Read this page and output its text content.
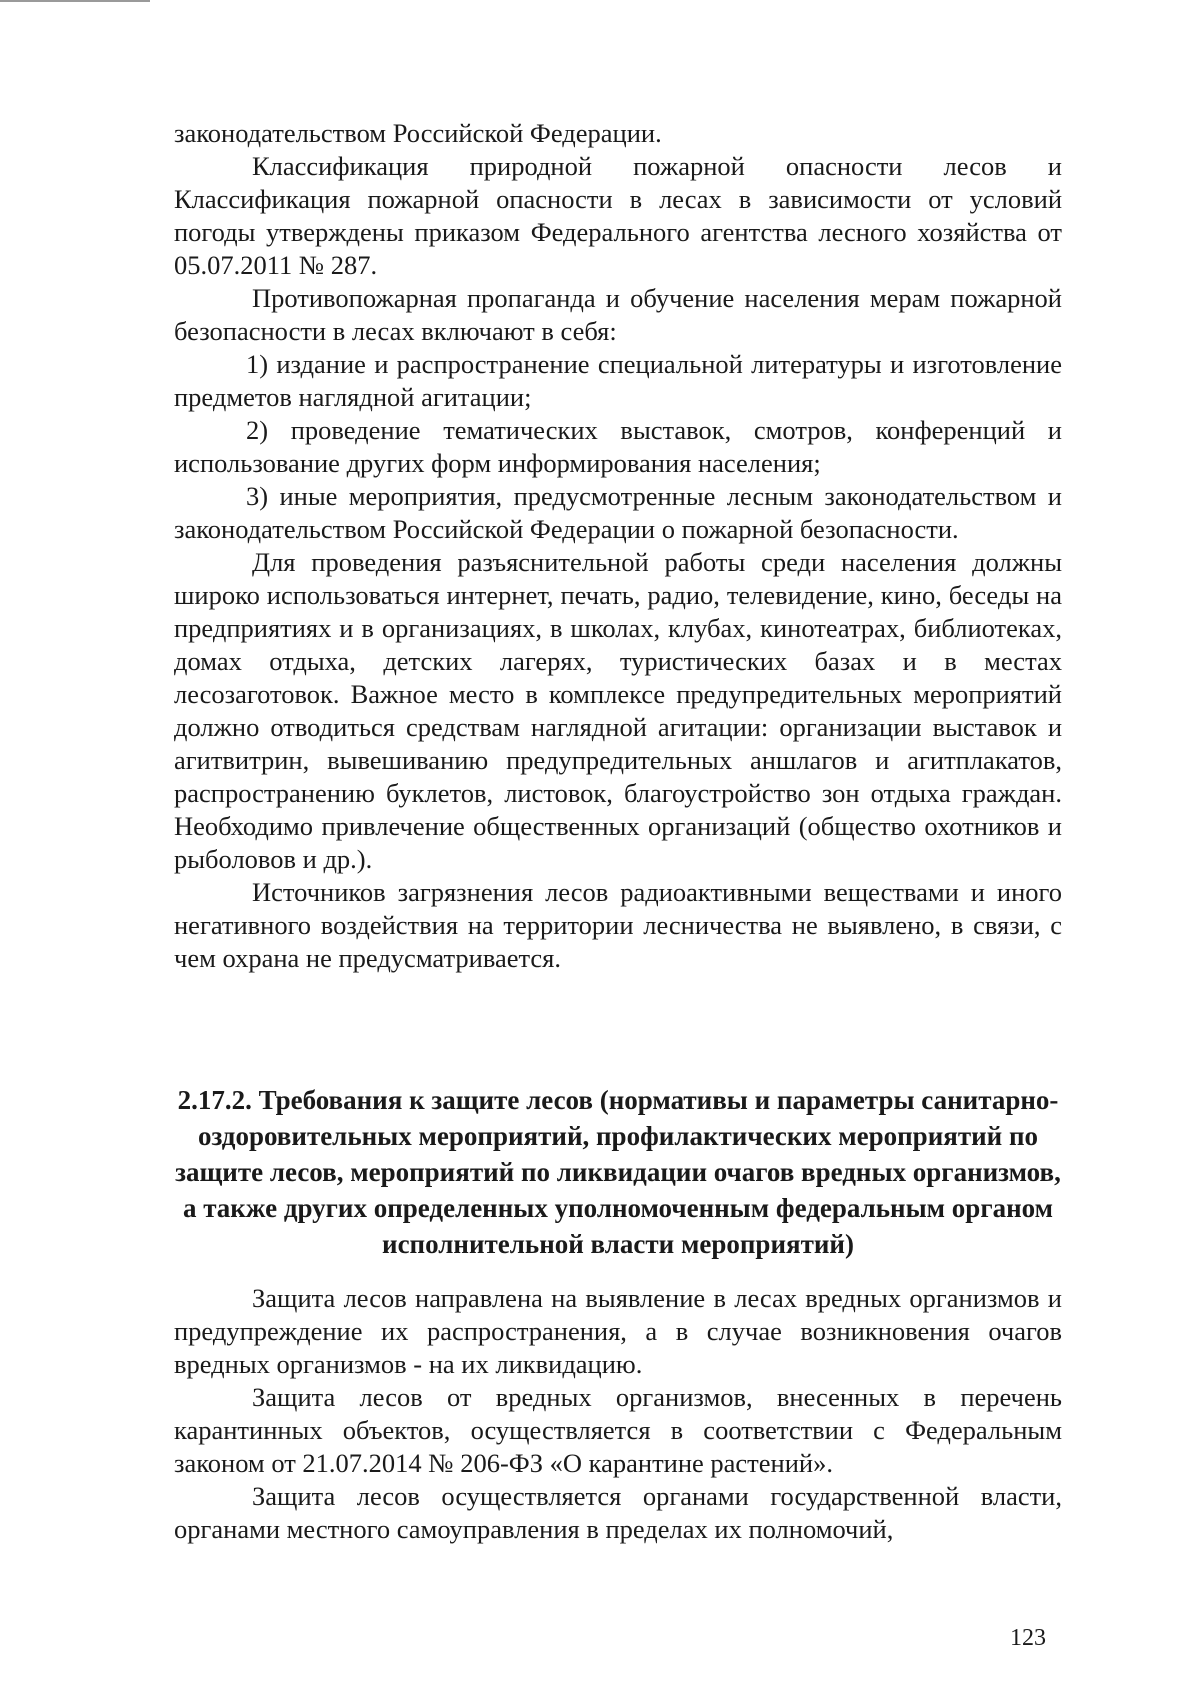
законодательством Российской Федерации.

Классификация природной пожарной опасности лесов и Классификация пожарной опасности в лесах в зависимости от условий погоды утверждены приказом Федерального агентства лесного хозяйства от 05.07.2011 № 287.

Противопожарная пропаганда и обучение населения мерам пожарной безопасности в лесах включают в себя:

1) издание и распространение специальной литературы и изготовление предметов наглядной агитации;

2) проведение тематических выставок, смотров, конференций и использование других форм информирования населения;

3) иные мероприятия, предусмотренные лесным законодательством и законодательством Российской Федерации о пожарной безопасности.

Для проведения разъяснительной работы среди населения должны широко использоваться интернет, печать, радио, телевидение, кино, беседы на предприятиях и в организациях, в школах, клубах, кинотеатрах, библиотеках, домах отдыха, детских лагерях, туристических базах и в местах лесозаготовок. Важное место в комплексе предупредительных мероприятий должно отводиться средствам наглядной агитации: организации выставок и агитвитрин, вывешиванию предупредительных аншлагов и агитплакатов, распространению буклетов, листовок, благоустройство зон отдыха граждан. Необходимо привлечение общественных организаций (общество охотников и рыболовов и др.).

Источников загрязнения лесов радиоактивными веществами и иного негативного воздействия на территории лесничества не выявлено, в связи, с чем охрана не предусматривается.

2.17.2. Требования к защите лесов (нормативы и параметры санитарно-оздоровительных мероприятий, профилактических мероприятий по защите лесов, мероприятий по ликвидации очагов вредных организмов, а также других определенных уполномоченным федеральным органом исполнительной власти мероприятий)

Защита лесов направлена на выявление в лесах вредных организмов и предупреждение их распространения, а в случае возникновения очагов вредных организмов - на их ликвидацию.

Защита лесов от вредных организмов, внесенных в перечень карантинных объектов, осуществляется в соответствии с Федеральным законом от 21.07.2014 № 206-ФЗ «О карантине растений».

Защита лесов осуществляется органами государственной власти, органами местного самоуправления в пределах их полномочий,

123
